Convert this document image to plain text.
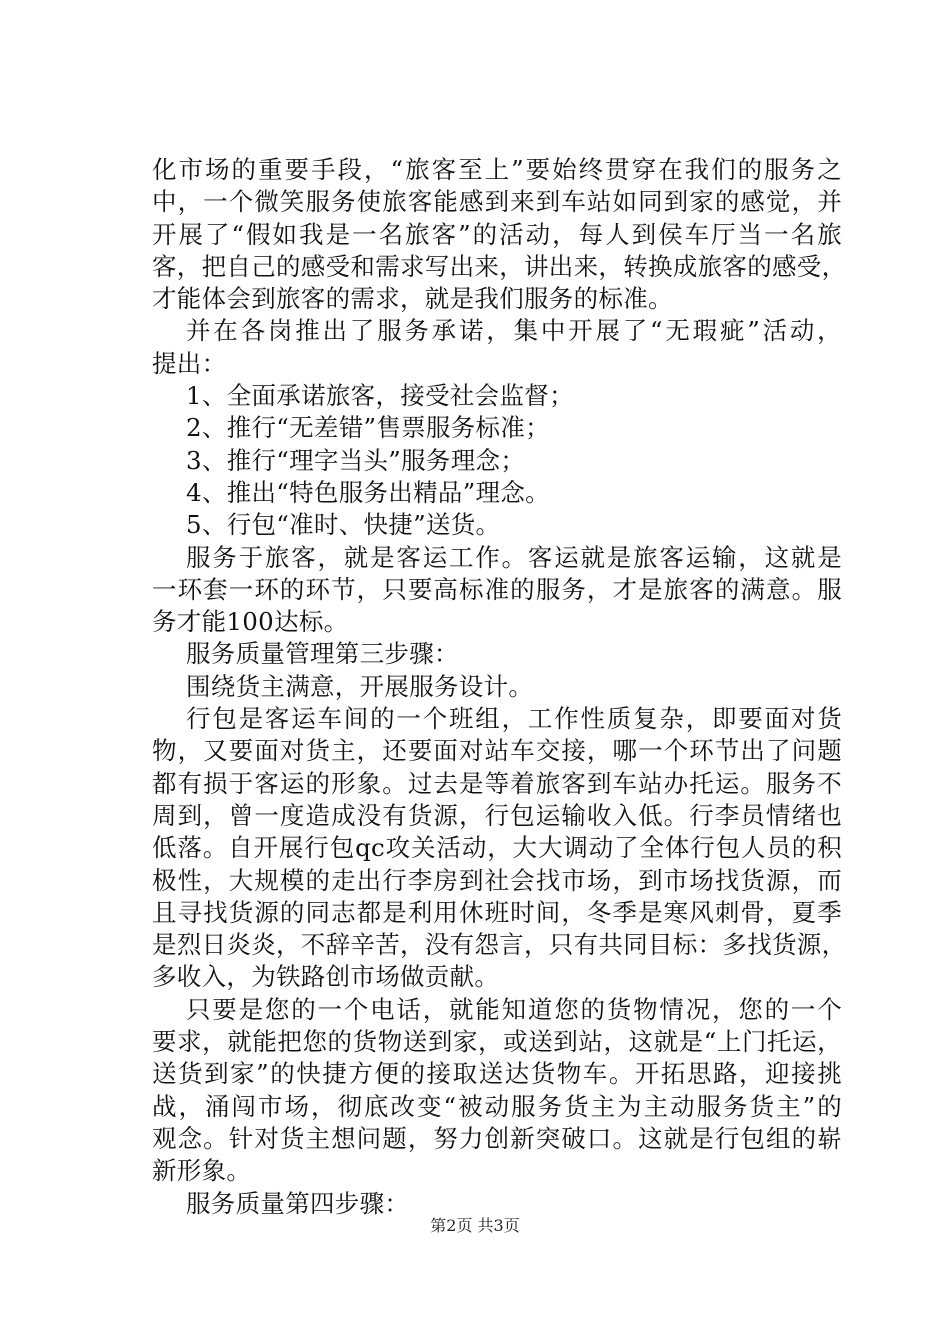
化市场的重要手段，“旅客至上”要始终贯穿在我们的服务之
中，一个微笑服务使旅客能感到来到车站如同到家的感觉，并
开展了“假如我是一名旅客”的活动，每人到侯车厅当一名旅
客，把自己的感受和需求写出来，讲出来，转换成旅客的感受，
才能体会到旅客的需求，就是我们服务的标准。
并在各岗推出了服务承诺，集中开展了“无瑕疵”活动，
提出：
1、全面承诺旅客，接受社会监督；
2、推行“无差错”售票服务标准；
3、推行“理字当头”服务理念；
4、推出“特色服务出精品”理念。
5、行包“准时、快捷”送货。
服务于旅客，就是客运工作。客运就是旅客运输，这就是
一环套一环的环节，只要高标准的服务，才是旅客的满意。服
务才能100达标。
服务质量管理第三步骤：
围绕货主满意，开展服务设计。
行包是客运车间的一个班组，工作性质复杂，即要面对货
物，又要面对货主，还要面对站车交接，哪一个环节出了问题
都有损于客运的形象。过去是等着旅客到车站办托运。服务不
周到，曾一度造成没有货源，行包运输收入低。行李员情绪也
低落。自开展行包qc攻关活动，大大调动了全体行包人员的积
极性，大规模的走出行李房到社会找市场，到市场找货源，而
且寻找货源的同志都是利用休班时间，冬季是寒风刺骨，夏季
是烈日炎炎，不辞辛苦，没有怨言，只有共同目标：多找货源，
多收入，为铁路创市场做贡献。
只要是您的一个电话，就能知道您的货物情况，您的一个
要求，就能把您的货物送到家，或送到站，这就是“上门托运，
送货到家”的快捷方便的接取送达货物车。开拓思路，迎接挑
战，涌闯市场，彻底改变“被动服务货主为主动服务货主”的
观念。针对货主想问题，努力创新突破口。这就是行包组的崭
新形象。
服务质量第四步骤：
第2页 共3页
